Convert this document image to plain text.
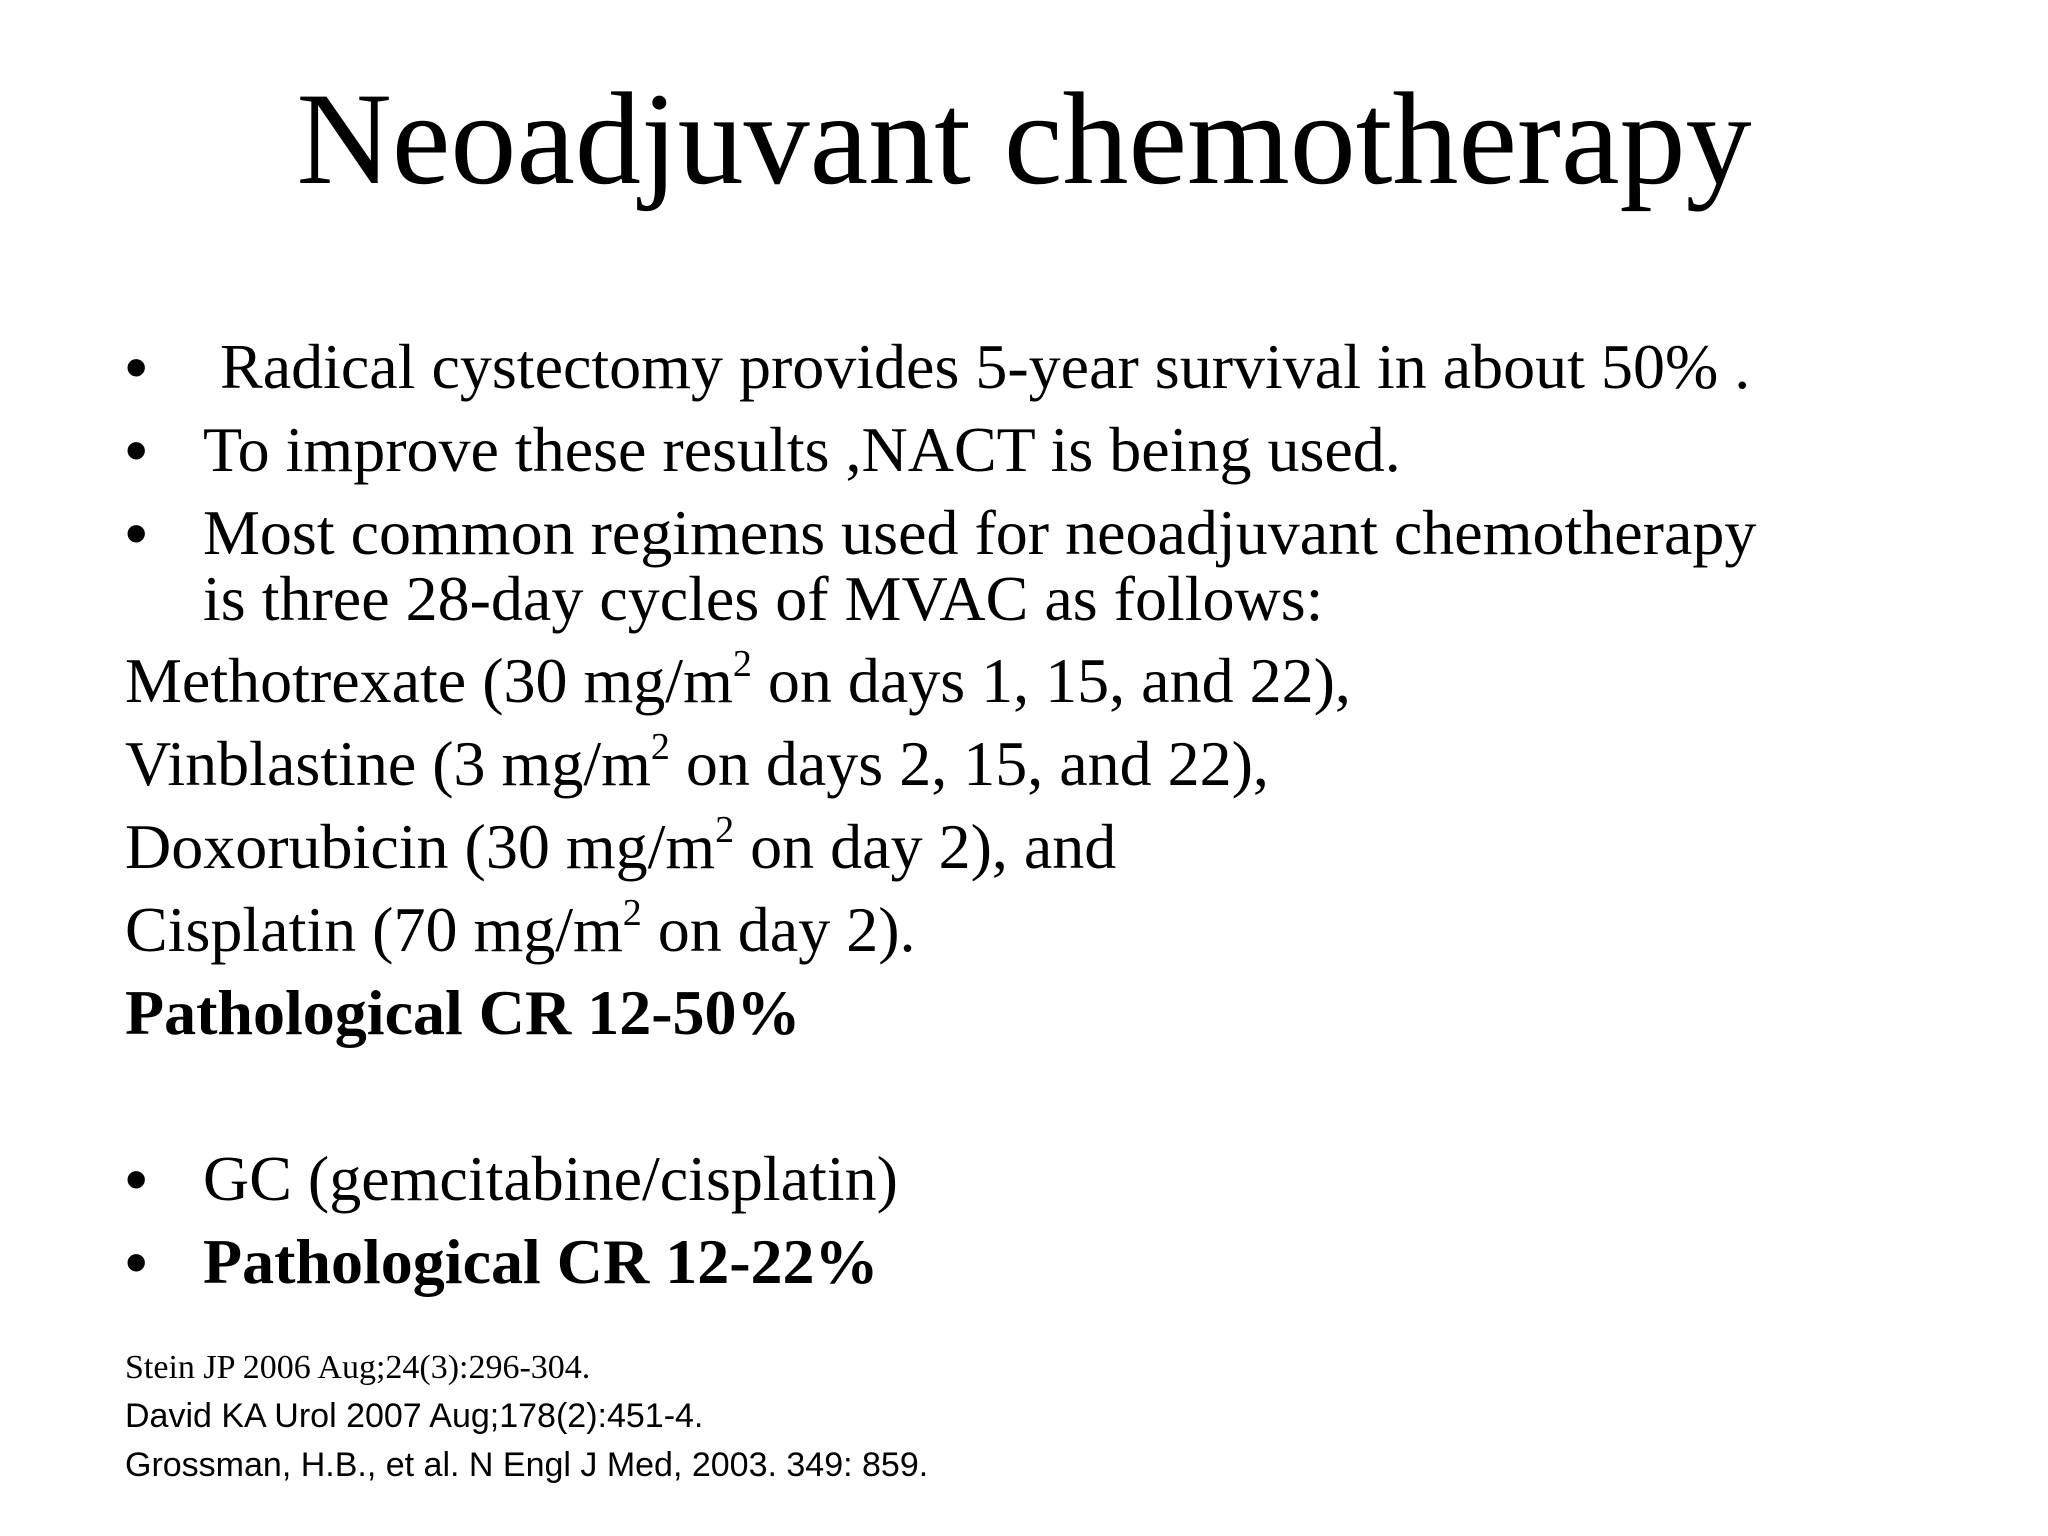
Neoadjuvant chemotherapy
• Radical cystectomy provides 5-year survival in about 50% .
• To improve these results ,NACT is being used.
• Most common regimens used for neoadjuvant chemotherapy
is three 28-day cycles of MVAC as follows:
Methotrexate (30 $mg/m^2$ on days 1, 15, and 22),
Vinblastine (3 $mg/m^2$ on days 2, 15, and 22),
Doxorubicin (30 $mg/m^2$ on day 2), and
Cisplatin (70 $mg/m^2$ on day 2).
Pathological CR 12-50%
• GC (gemcitabine/cisplatin)
• Pathological CR 12-22%
Stein JP 2006 Aug;24(3):296-304.
David KA Urol 2007 Aug;178(2):451-4.
Grossman, H.B., et al. N Engl J Med, 2003. 349: 859.
